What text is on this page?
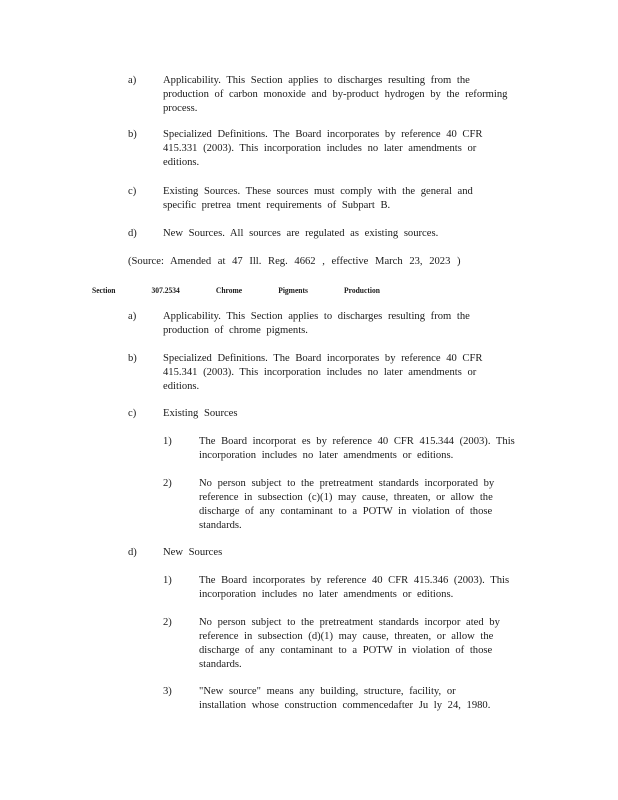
a)	Applicability. This Section applies to discharges resulting from the
production of carbon monoxide and by-product hydrogen by the reforming
process.
b) Specialized Definitions. The Board incorporates by reference 40 CFR
415.331 (2003). This incorporation includes no later amendments or
editions.
c)	Existing Sources. These sources must comply with the general and
specific pretrea tment requirements of Subpart B.
d) New Sources. All sources are regulated as existing sources.
(Source: Amended at 47 Ill. Reg. 4662 , effective March 23, 2023 )
Section	307.2534	Chrome	Pigments	Production
a)	Applicability. This Section applies to discharges resulting from the
production of chrome pigments.
b) Specialized Definitions. The Board incorporates by reference 40 CFR
415.341 (2003). This incorporation includes no later amendments or
editions.
c)	Existing Sources
1)	The Board incorporat es by reference 40 CFR 415.344 (2003). This
incorporation includes no later amendments or editions.
2)	No person subject to the pretreatment standards incorporated by
reference in subsection (c)(1) may cause, threaten, or allow the
discharge of any contaminant to a POTW in violation of those
standards.
d) New Sources
1)	The Board incorporates by reference 40 CFR 415.346 (2003). This
incorporation includes no later amendments or editions.
2)	No person subject to the pretreatment standards incorpor ated by
reference in subsection (d)(1) may cause, threaten, or allow the
discharge of any contaminant to a POTW in violation of those
standards.
3)	"New source" means any building, structure, facility, or
installation whose construction commencedafter Ju ly 24, 1980.
